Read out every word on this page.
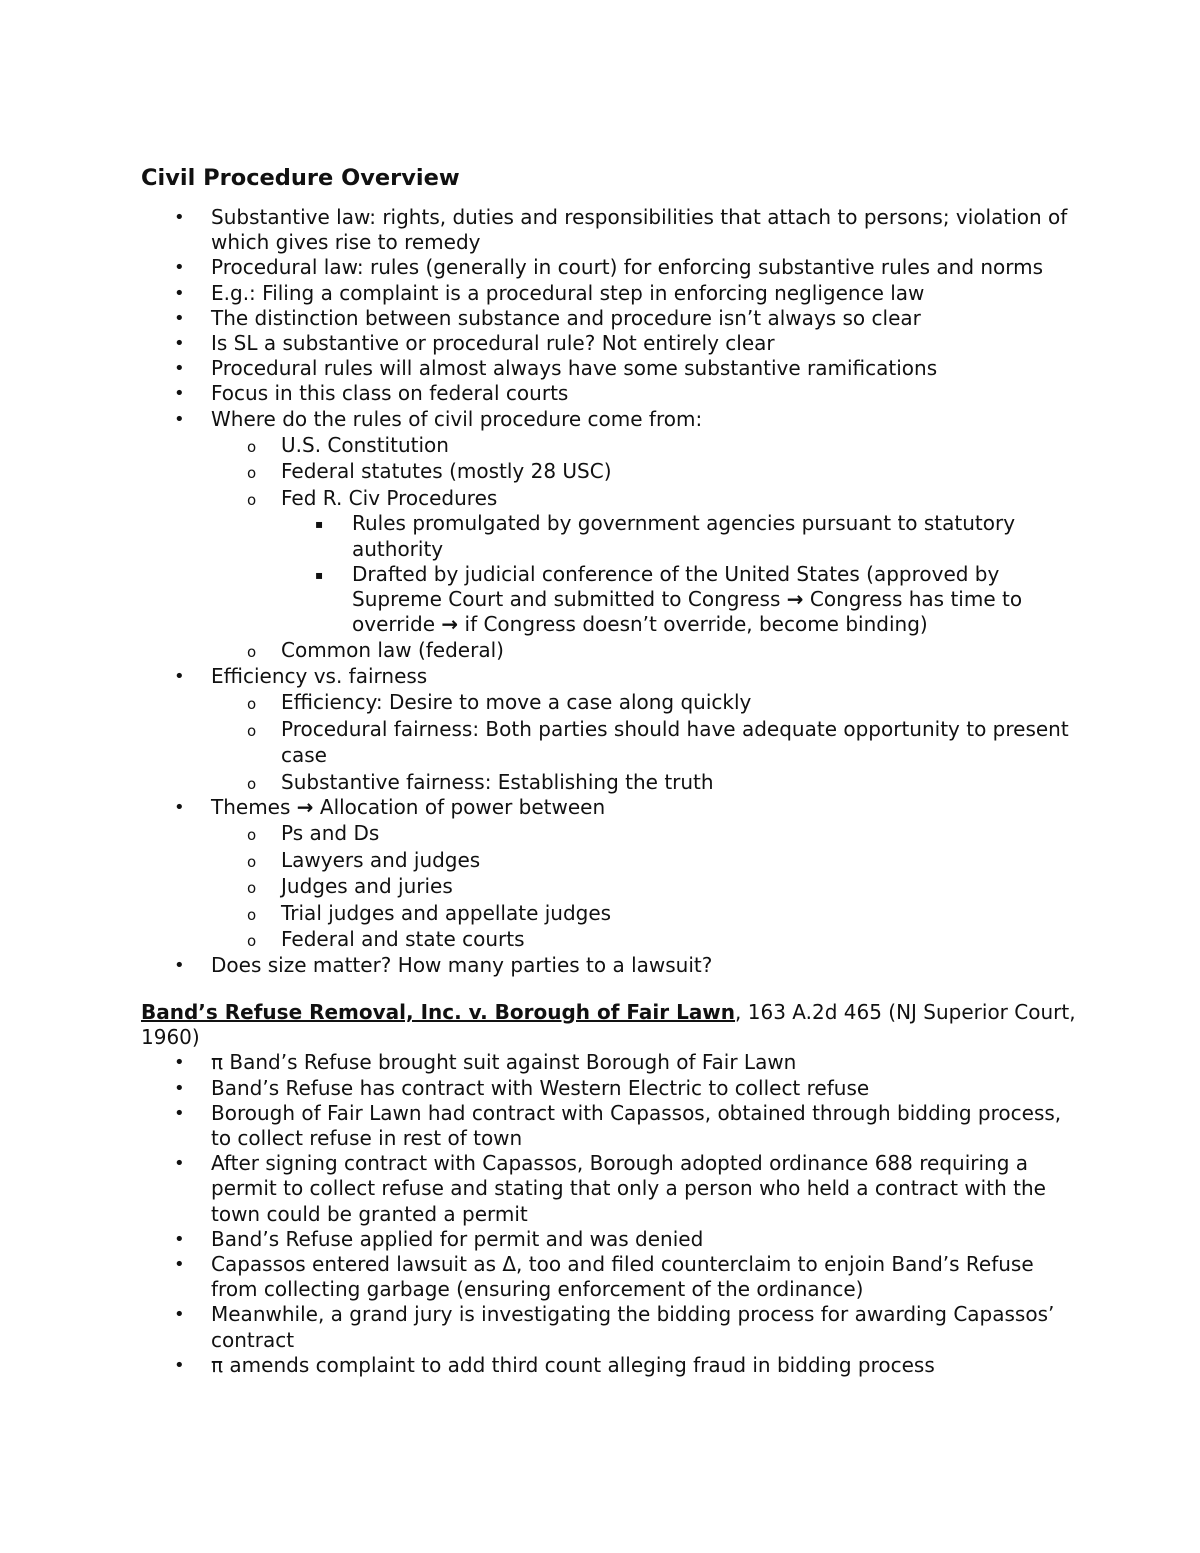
Civil Procedure Overview
• Substantive law: rights, duties and responsibilities that attach to persons; violation of which gives rise to remedy
• Procedural law: rules (generally in court) for enforcing substantive rules and norms
• E.g.: Filing a complaint is a procedural step in enforcing negligence law
• The distinction between substance and procedure isn’t always so clear
• Is SL a substantive or procedural rule? Not entirely clear
• Procedural rules will almost always have some substantive ramifications
• Focus in this class on federal courts
• Where do the rules of civil procedure come from:
o U.S. Constitution
o Federal statutes (mostly 28 USC)
o Fed R. Civ Procedures
▪ Rules promulgated by government agencies pursuant to statutory authority
▪ Drafted by judicial conference of the United States (approved by Supreme Court and submitted to Congress → Congress has time to override → if Congress doesn’t override, become binding)
o Common law (federal)
• Efficiency vs. fairness
o Efficiency: Desire to move a case along quickly
o Procedural fairness: Both parties should have adequate opportunity to present case
o Substantive fairness: Establishing the truth
• Themes → Allocation of power between
o Ps and Ds
o Lawyers and judges
o Judges and juries
o Trial judges and appellate judges
o Federal and state courts
• Does size matter? How many parties to a lawsuit?

Band’s Refuse Removal, Inc. v. Borough of Fair Lawn, 163 A.2d 465 (NJ Superior Court, 1960)

• π Band’s Refuse brought suit against Borough of Fair Lawn
• Band’s Refuse has contract with Western Electric to collect refuse
• Borough of Fair Lawn had contract with Capassos, obtained through bidding process, to collect refuse in rest of town
• After signing contract with Capassos, Borough adopted ordinance 688 requiring a permit to collect refuse and stating that only a person who held a contract with the town could be granted a permit
• Band’s Refuse applied for permit and was denied
• Capassos entered lawsuit as Δ, too and filed counterclaim to enjoin Band’s Refuse from collecting garbage (ensuring enforcement of the ordinance)
• Meanwhile, a grand jury is investigating the bidding process for awarding Capassos’ contract
• π amends complaint to add third count alleging fraud in bidding process
